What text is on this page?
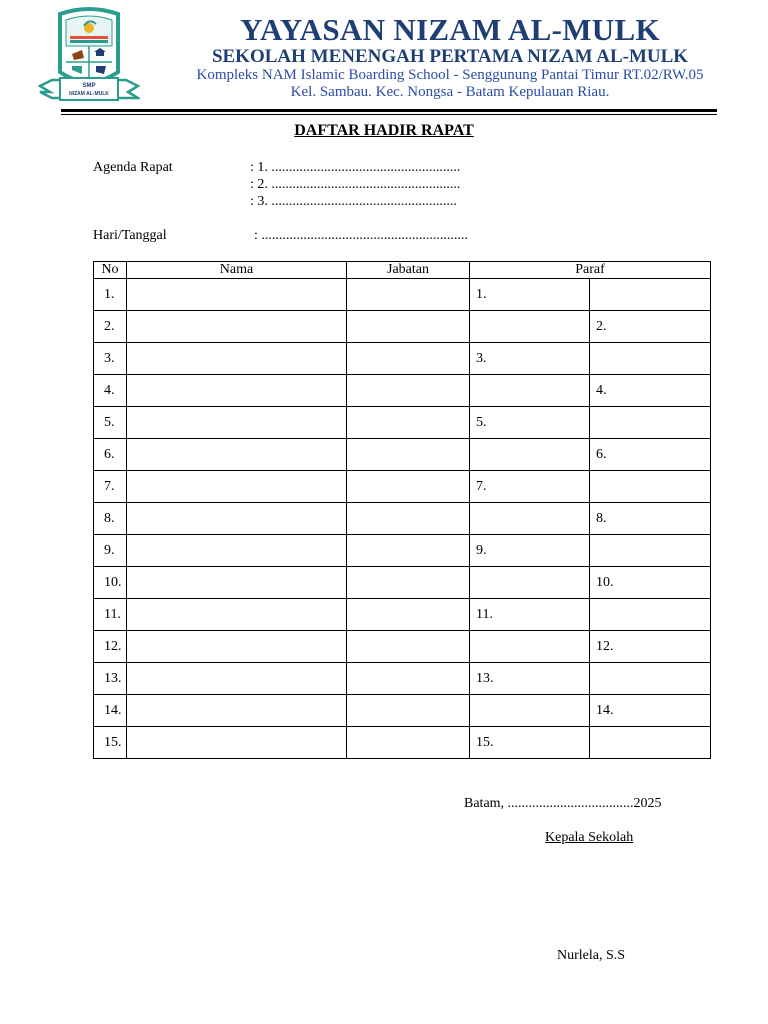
SMP
NIZAM AL-MULK
YAYASAN NIZAM AL-MULK
SEKOLAH MENENGAH PERTAMA NIZAM AL-MULK
Kompleks NAM Islamic Boarding School - Senggunung Pantai Timur RT.02/RW.05
Kel. Sambau. Kec. Nongsa - Batam Kepulauan Riau.
DAFTAR HADIR RAPAT
Agenda Rapat	: 1. ......................................................
: 2. ......................................................
: 3. .....................................................
Hari/Tanggal	: ...........................................................
No	Nama	Jabatan	Paraf	
1.			1.	
2.				2.
3.			3.	
4.				4.
5.			5.	
6.				6.
7.			7.	
8.				8.
9.			9.	
10.				10.
11.			11.	
12.				12.
13.			13.	
14.				14.
15.			15.	
Batam, ....................................2025
Kepala Sekolah
Nurlela, S.S
